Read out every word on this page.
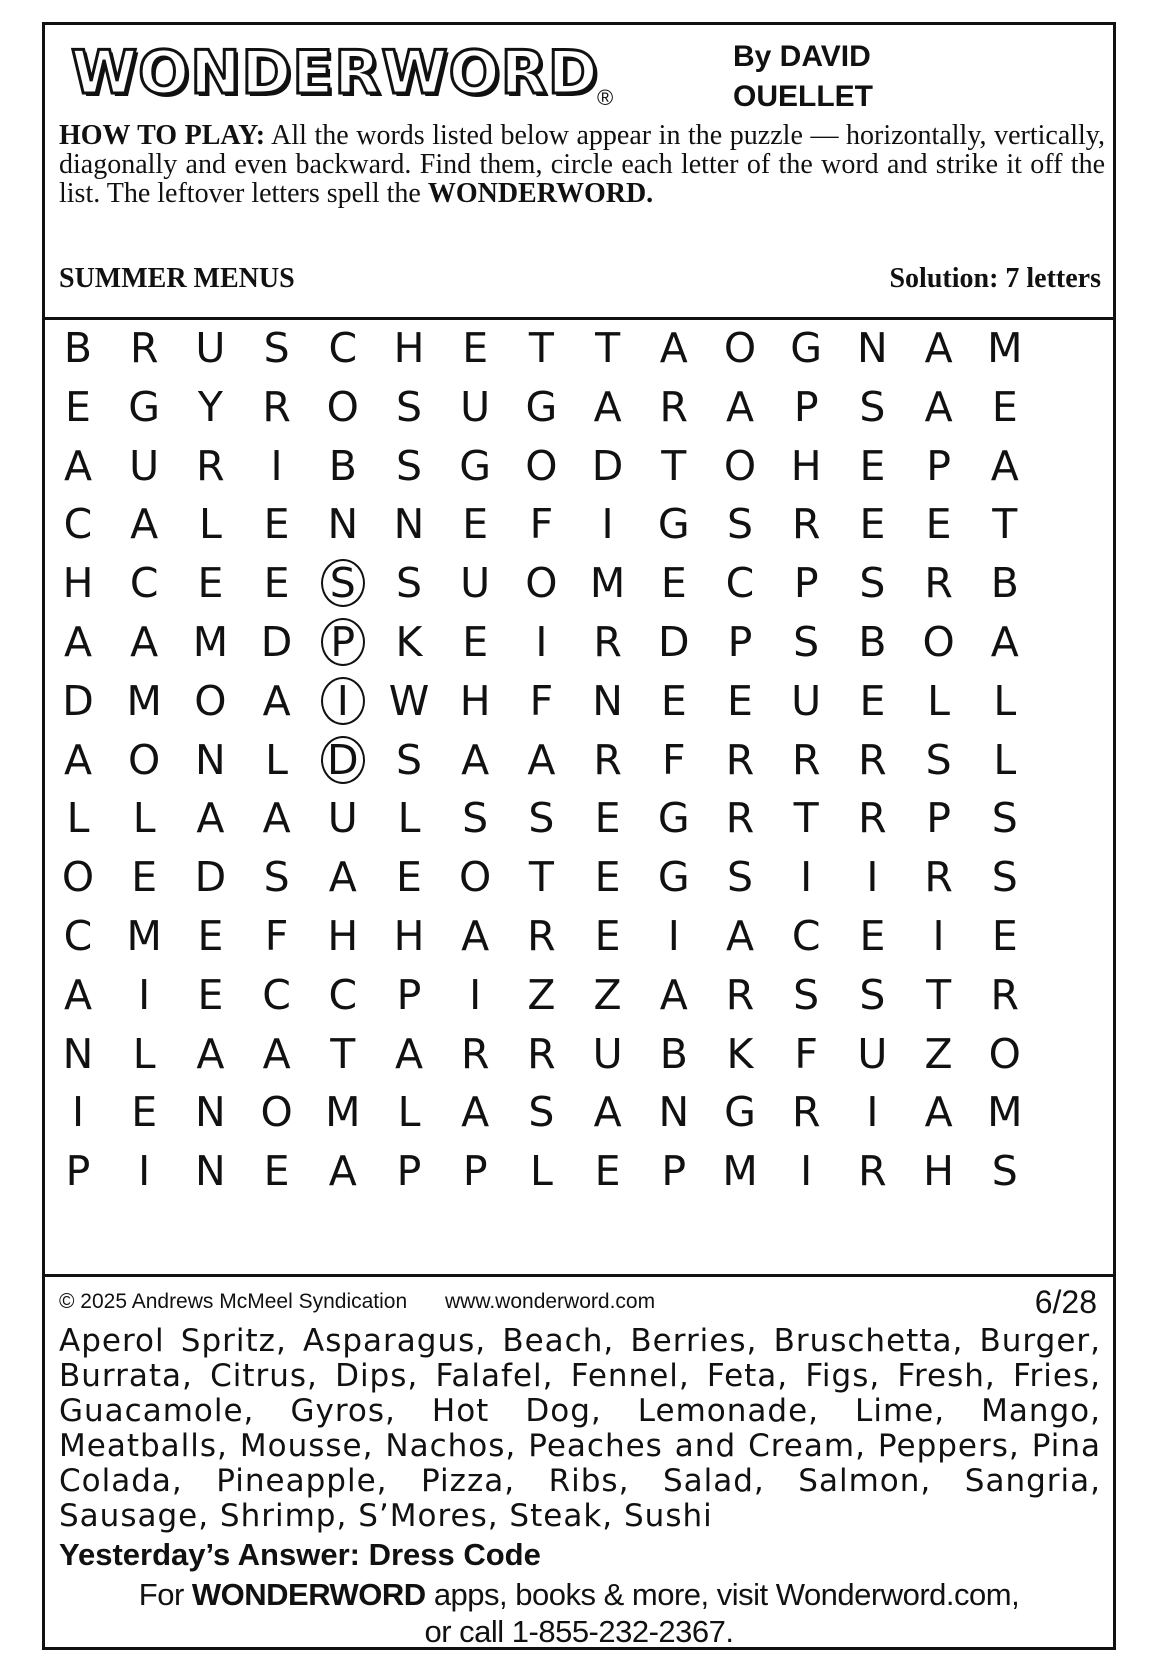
WONDERWORD
®
By DAVID
OUELLET
HOW TO PLAY: All the words listed below appear in the puzzle — horizontally, vertically, diagonally and even backward. Find them, circle each letter of the word and strike it off the list. The leftover letters spell the WONDERWORD.
SUMMER MENUS	Solution: 7 letters
B R U S C H E T	T A O G N A M
E G Y R O S U G A R A P S A E
A U R	I	B S G O D T O H E P A
C A L	E N N E	F	I	G S R E E T
H C E E S S U O M E C P S R B
A A M D P K E	I	R D P S B O A
D M O A	I W H F N E E U E	L	L
A O N L D S A A R F R R R S	L
L	L A A U L	S S E G R T R P S
O E D S A E O T E G S	I	I	R S
C M E	F H H A R E	I	A C E	I	E
A	I	E C C P	I	Z Z A R S S T R
N L A A T A R R U B K F U Z O
I	E N O M L A S A N G R	I	A M
P	I	N E A P	P	L	E P M	I	R H S
© 2025 Andrews McMeel Syndication www.wonderword.com	6/28
Aperol Spritz, Asparagus, Beach, Berries, Bruschetta, Burger, Burrata, Citrus, Dips, Falafel, Fennel, Feta, Figs, Fresh, Fries, Guacamole, Gyros, Hot Dog, Lemonade, Lime, Mango, Meatballs, Mousse, Nachos, Peaches and Cream, Peppers, Pina Colada, Pineapple, Pizza, Ribs, Salad, Salmon, Sangria, Sausage, Shrimp, S’Mores, Steak, Sushi
Yesterday’s Answer: Dress Code
For WONDERWORD apps, books & more, visit Wonderword.com,
or call 1-855-232-2367.
